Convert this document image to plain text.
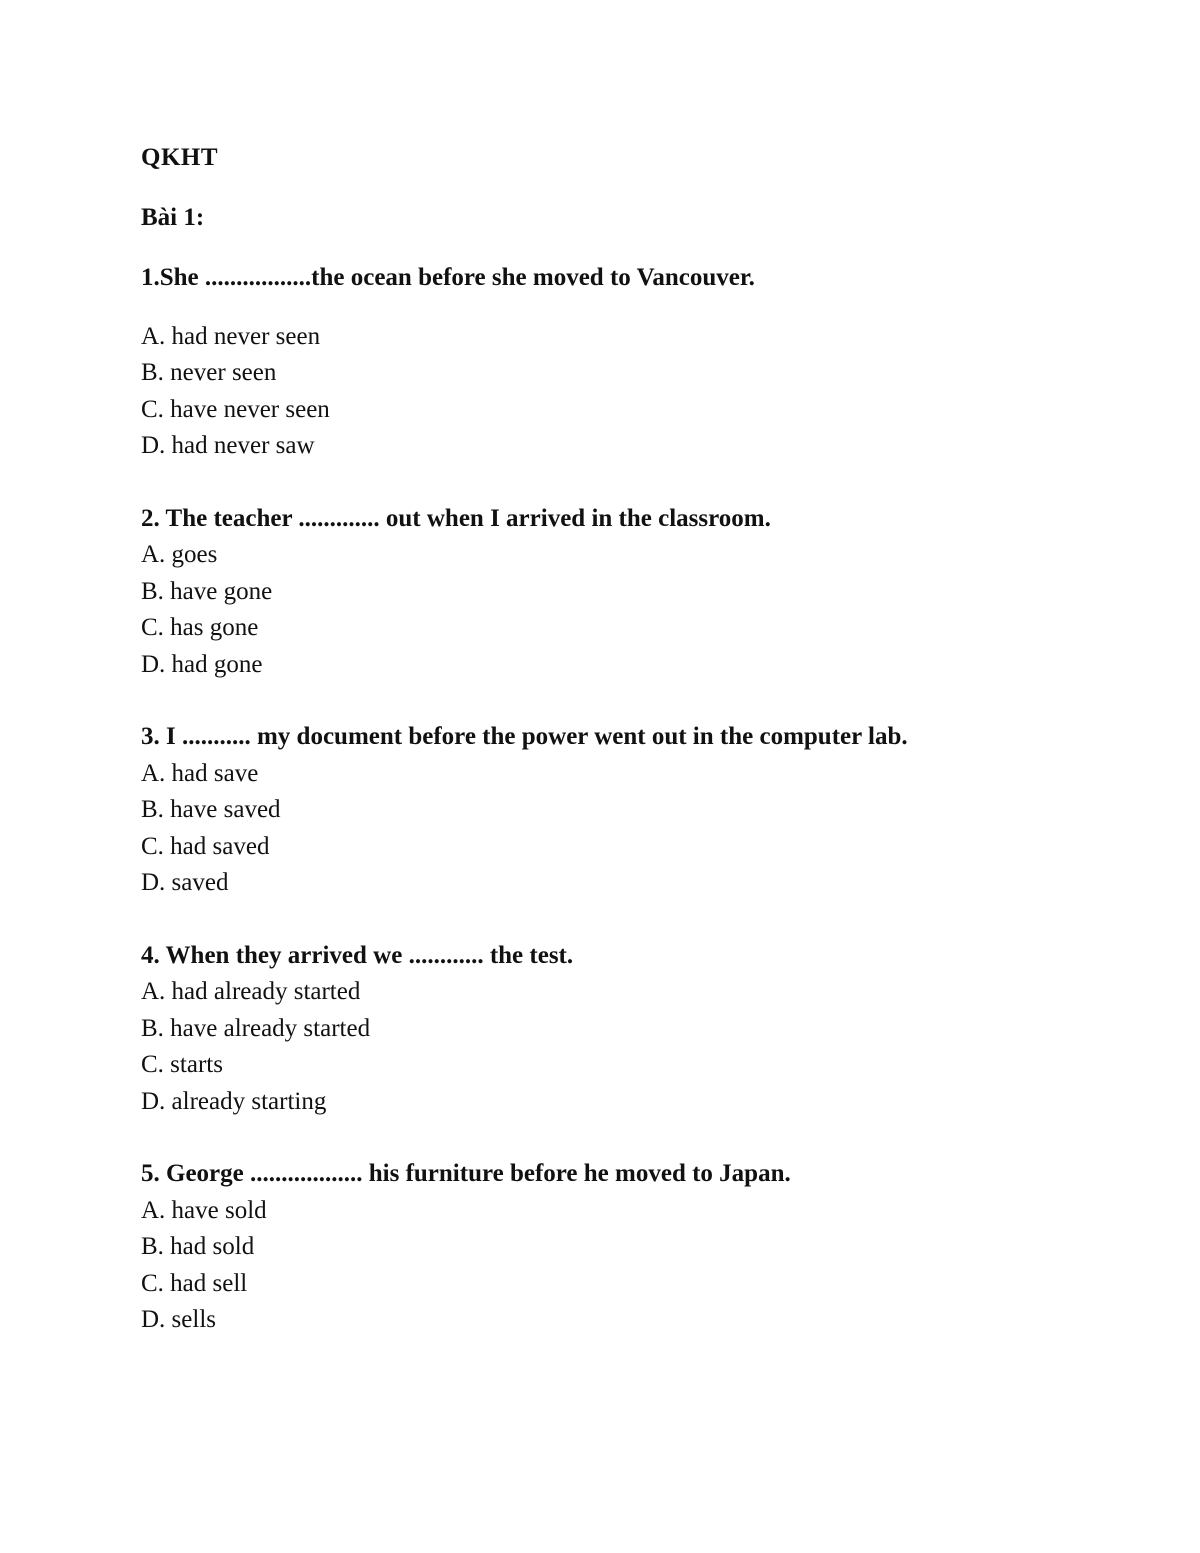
QKHT
Bài 1:

1.She .................the ocean before she moved to Vancouver.

A. had never seen
B. never seen
C. have never seen
D. had never saw

2. The teacher ............. out when I arrived in the classroom.

A. goes
B. have gone
C. has gone
D. had gone

3. I ........... my document before the power went out in the computer lab.

A. had save
B. have saved
C. had saved
D. saved

4. When they arrived we ............ the test.

A. had already started
B. have already started
C. starts
D. already starting

5. George .................. his furniture before he moved to Japan.

A. have sold
B. had sold
C. had sell
D. sells
